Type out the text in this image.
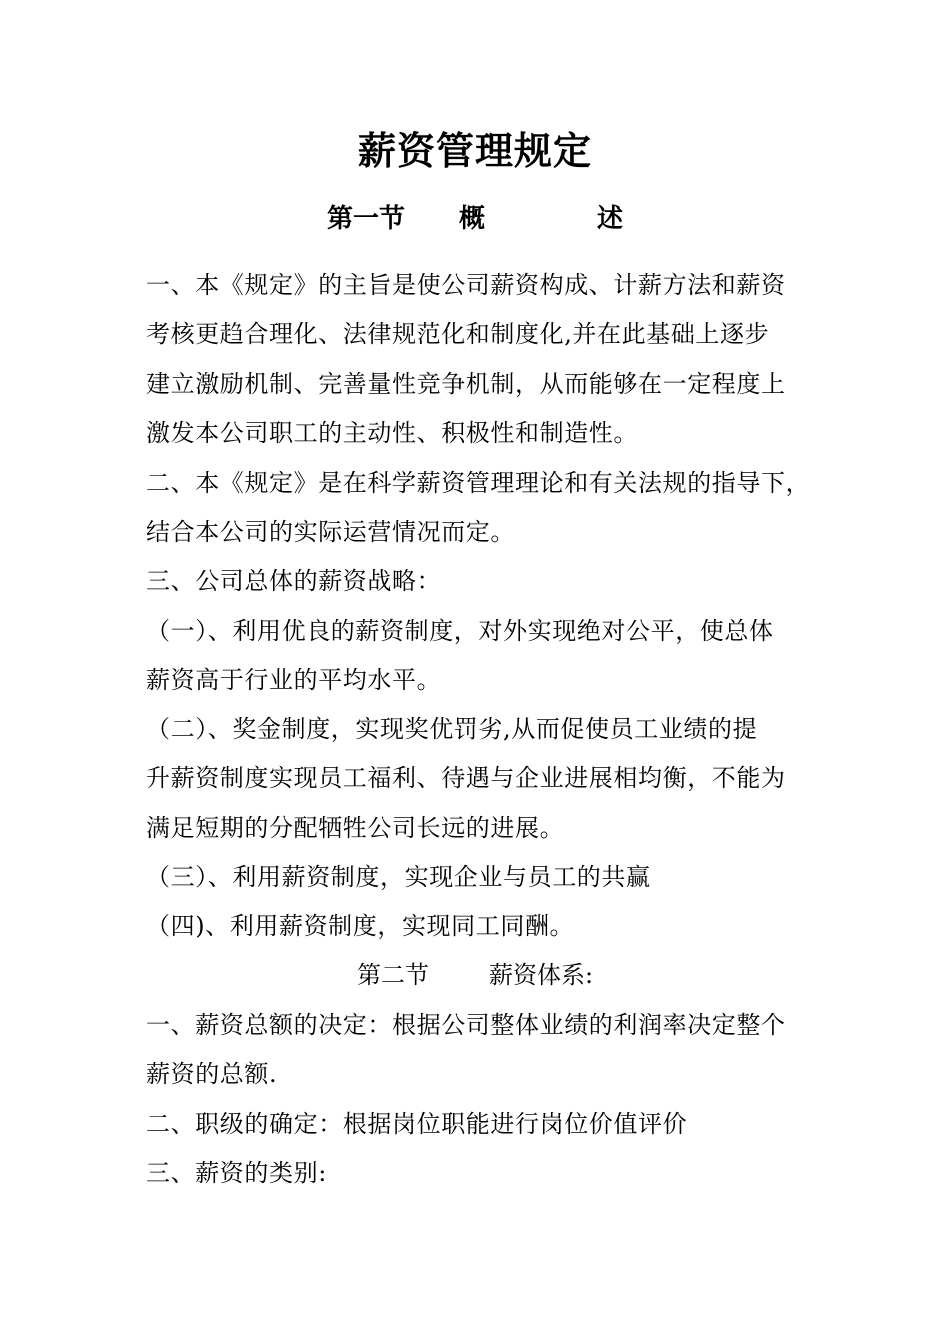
薪资管理规定
第一节 概	述
一、本《规定》的主旨是使公司薪资构成、计薪方法和薪资
考核更趋合理化、法律规范化和制度化,并在此基础上逐步
建立激励机制、完善量性竞争机制，从而能够在一定程度上
激发本公司职工的主动性、积极性和制造性。
二、本《规定》是在科学薪资管理理论和有关法规的指导下，
结合本公司的实际运营情况而定。
三、公司总体的薪资战略：
（一）、利用优良的薪资制度，对外实现绝对公平，使总体
薪资高于行业的平均水平。
（二）、奖金制度，实现奖优罚劣,从而促使员工业绩的提
升薪资制度实现员工福利、待遇与企业进展相均衡，不能为
满足短期的分配牺牲公司长远的进展。
（三）、利用薪资制度，实现企业与员工的共赢
（四)、利用薪资制度，实现同工同酬。
第二节	薪资体系:
一、薪资总额的决定：根据公司整体业绩的利润率决定整个
薪资的总额.
二、职级的确定：根据岗位职能进行岗位价值评价
三、薪资的类别:
